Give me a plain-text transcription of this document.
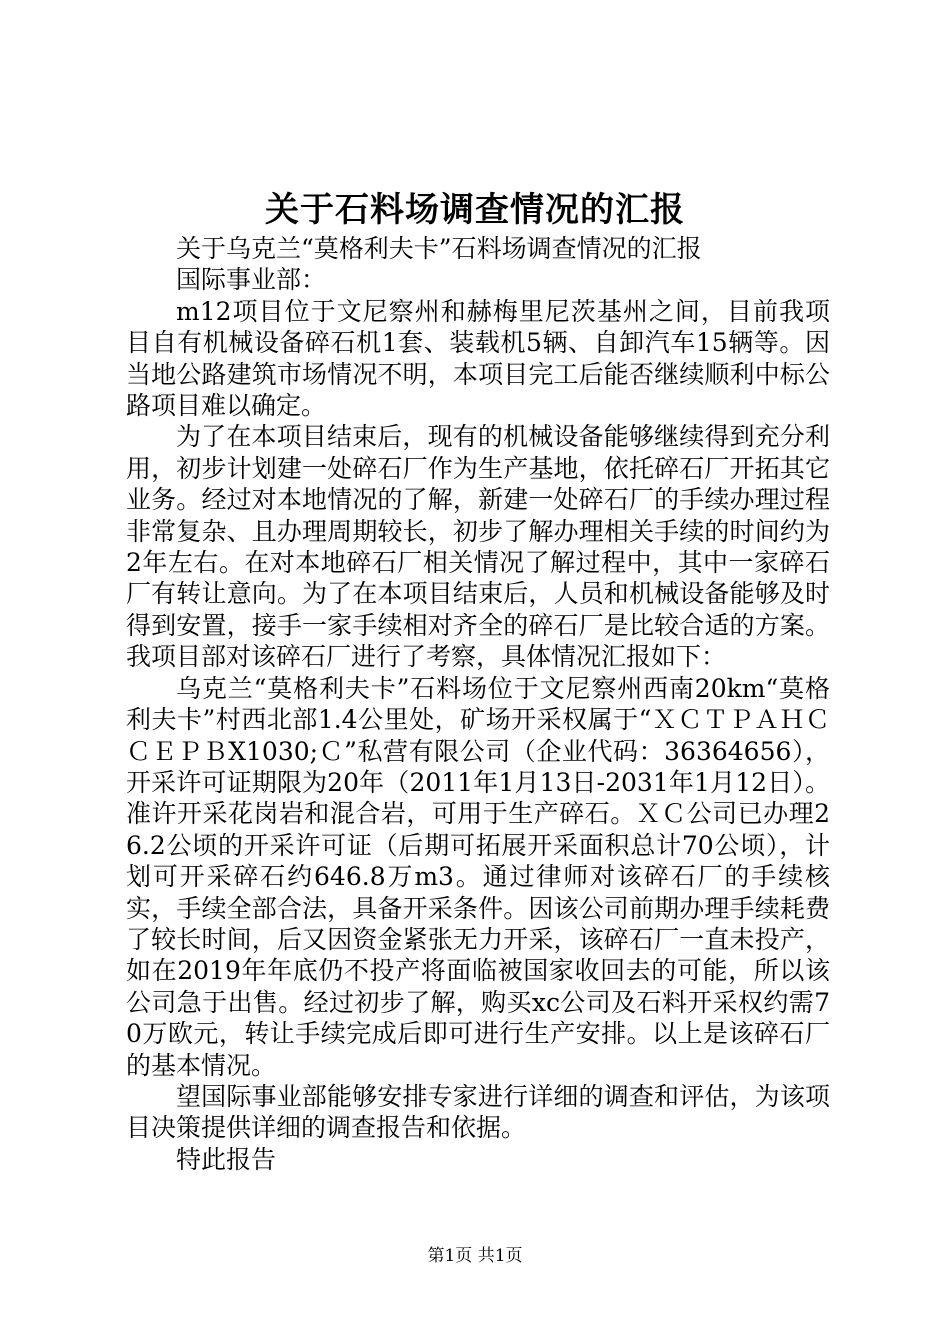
关于石料场调查情况的汇报

关于乌克兰“莫格利夫卡”石料场调查情况的汇报

国际事业部：

m12项目位于文尼察州和赫梅里尼茨基州之间，目前我项目自有机械设备碎石机1套、装载机5辆、自卸汽车15辆等。因当地公路建筑市场情况不明，本项目完工后能否继续顺利中标公路项目难以确定。

为了在本项目结束后，现有的机械设备能够继续得到充分利用，初步计划建一处碎石厂作为生产基地，依托碎石厂开拓其它业务。经过对本地情况的了解，新建一处碎石厂的手续办理过程非常复杂、且办理周期较长，初步了解办理相关手续的时间约为2年左右。在对本地碎石厂相关情况了解过程中，其中一家碎石厂有转让意向。为了在本项目结束后，人员和机械设备能够及时得到安置，接手一家手续相对齐全的碎石厂是比较合适的方案。我项目部对该碎石厂进行了考察，具体情况汇报如下：

乌克兰“莫格利夫卡”石料场位于文尼察州西南20km“莫格利夫卡”村西北部1.4公里处，矿场开采权属于“ＸＣＴＰＡＨＣＣＥＰＢX1030;Ｃ”私营有限公司（企业代码：36364656），开采许可证期限为20年（2011年1月13日-2031年1月12日）。准许开采花岗岩和混合岩，可用于生产碎石。ＸＣ公司已办理26.2公顷的开采许可证（后期可拓展开采面积总计70公顷），计划可开采碎石约646.8万m3。通过律师对该碎石厂的手续核实，手续全部合法，具备开采条件。因该公司前期办理手续耗费了较长时间，后又因资金紧张无力开采，该碎石厂一直未投产，如在2019年年底仍不投产将面临被国家收回去的可能，所以该公司急于出售。经过初步了解，购买xc公司及石料开采权约需70万欧元，转让手续完成后即可进行生产安排。以上是该碎石厂的基本情况。

望国际事业部能够安排专家进行详细的调查和评估，为该项目决策提供详细的调查报告和依据。

特此报告

第1页 共1页
